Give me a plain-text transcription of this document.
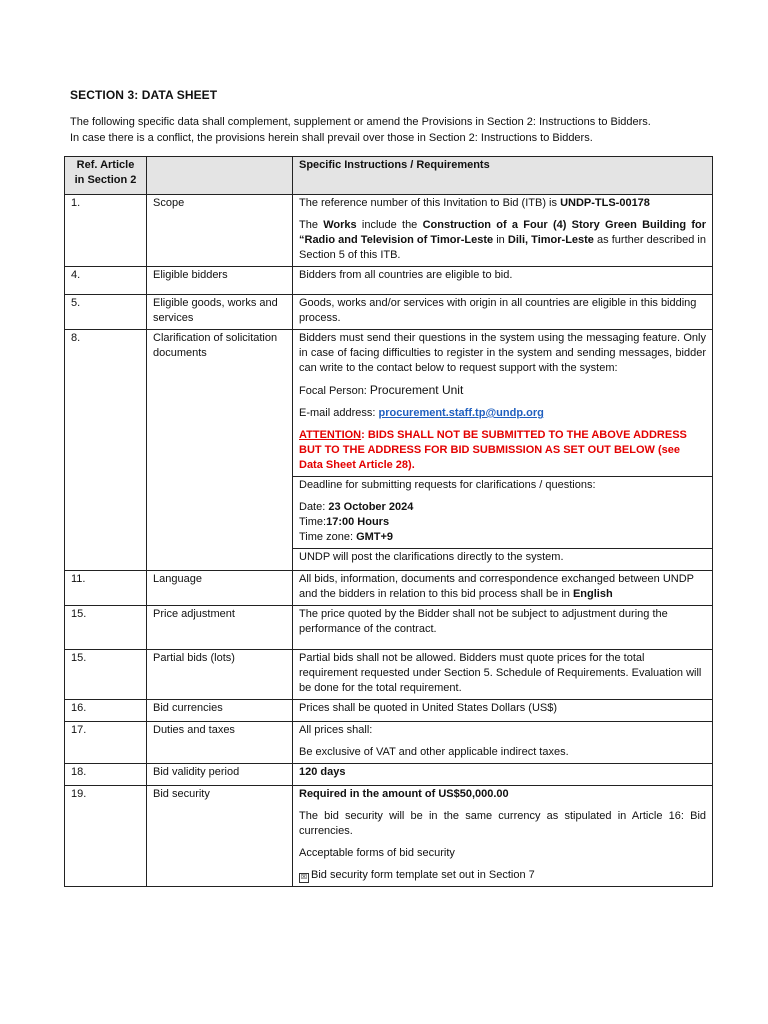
SECTION 3: DATA SHEET

The following specific data shall complement, supplement or amend the Provisions in Section 2: Instructions to Bidders.

In case there is a conflict, the provisions herein shall prevail over those in Section 2: Instructions to Bidders.

Ref. Article
in Section 2		Specific Instructions / Requirements
1.	Scope	The reference number of this Invitation to Bid (ITB) is UNDP-TLS-00178

The Works include the Construction of a Four (4) Story Green Building for “Radio and Television of Timor-Leste in Dili, Timor-Leste as further described in Section 5 of this ITB.

4.	Eligible bidders	Bidders from all countries are eligible to bid.
5.	Eligible goods, works and services	Goods, works and/or services with origin in all countries are eligible in this bidding process.
8.	Clarification of solicitation documents	Bidders must send their questions in the system using the messaging feature. Only in case of facing difficulties to register in the system and sending messages, bidder can write to the contact below to request support with the system:

Focal Person: Procurement Unit

E-mail address: procurement.staff.tp@undp.org

ATTENTION: BIDS SHALL NOT BE SUBMITTED TO THE ABOVE ADDRESS BUT TO THE ADDRESS FOR BID SUBMISSION AS SET OUT BELOW (see Data Sheet Article 28).

		Deadline for submitting requests for clarifications / questions:

Date: 23 October 2024
Time:17:00 Hours
Time zone: GMT+9

		UNDP will post the clarifications directly to the system.
11.	Language	All bids, information, documents and correspondence exchanged between UNDP and the bidders in relation to this bid process shall be in English
15.	Price adjustment	The price quoted by the Bidder shall not be subject to adjustment during the performance of the contract.
15.	Partial bids (lots)	Partial bids shall not be allowed. Bidders must quote prices for the total requirement requested under Section 5. Schedule of Requirements. Evaluation will be done for the total requirement.
16.	Bid currencies	Prices shall be quoted in United States Dollars (US$)
17.	Duties and taxes	All prices shall:

Be exclusive of VAT and other applicable indirect taxes.

18.	Bid validity period	120 days
19.	Bid security	Required in the amount of US$50,000.00

The bid security will be in the same currency as stipulated in Article 16: Bid currencies.

Acceptable forms of bid security

☒ Bid security form template set out in Section 7
